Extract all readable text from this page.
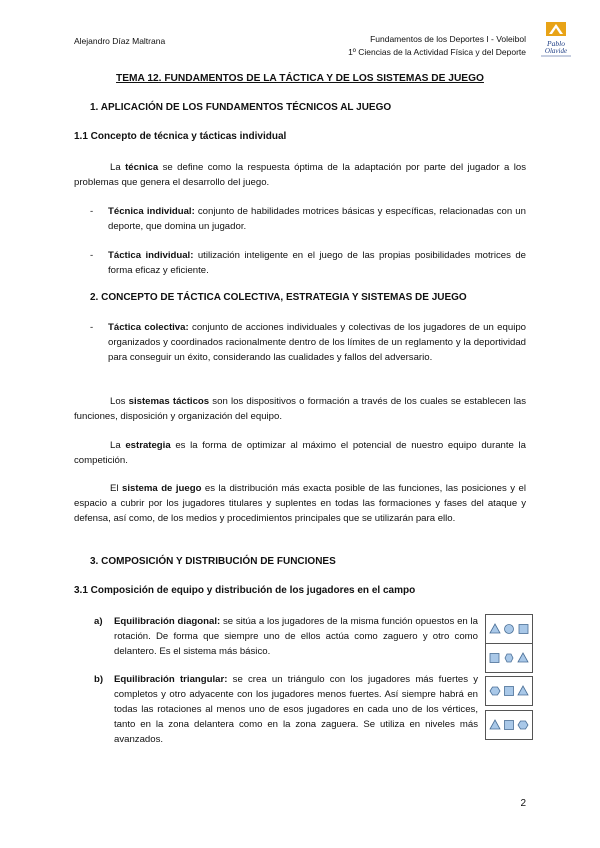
Alejandro Díaz Maltrana	Fundamentos de los Deportes I - Voleibol
1º Ciencias de la Actividad Física y del Deporte
Pablo
Olavide
TEMA 12. FUNDAMENTOS DE LA TÁCTICA Y DE LOS SISTEMAS DE JUEGO
1. APLICACIÓN DE LOS FUNDAMENTOS TÉCNICOS AL JUEGO
1.1 Concepto de técnica y tácticas individual

La técnica se define como la respuesta óptima de la adaptación por parte del jugador a los problemas que genera el desarrollo del juego.

- Técnica individual: conjunto de habilidades motrices básicas y específicas, relacionadas con un deporte, que domina un jugador.
- Táctica individual: utilización inteligente en el juego de las propias posibilidades motrices de forma eficaz y eficiente.
2. CONCEPTO DE TÁCTICA COLECTIVA, ESTRATEGIA Y SISTEMAS DE JUEGO
- Táctica colectiva: conjunto de acciones individuales y colectivas de los jugadores de un equipo organizados y coordinados racionalmente dentro de los límites de un reglamento y la deportividad para conseguir un éxito, considerando las cualidades y fallos del adversario.

Los sistemas tácticos son los dispositivos o formación a través de los cuales se establecen las funciones, disposición y organización del equipo.

La estrategia es la forma de optimizar al máximo el potencial de nuestro equipo durante la competición.

El sistema de juego es la distribución más exacta posible de las funciones, las posiciones y el espacio a cubrir por los jugadores titulares y suplentes en todas las formaciones y fases del ataque y defensa, así como, de los medios y procedimientos principales que se utilizarán para ello.

3. COMPOSICIÓN Y DISTRIBUCIÓN DE FUNCIONES
3.1 Composición de equipo y distribución de los jugadores en el campo
a) Equilibración diagonal: se sitúa a los jugadores de la misma función opuestos en la rotación. De forma que siempre uno de ellos actúa como zaguero y otro como delantero. Es el sistema más básico.
b) Equilibración triangular: se crea un triángulo con los jugadores más fuertes y completos y otro adyacente con los jugadores menos fuertes. Así siempre habrá en todas las rotaciones al menos uno de esos jugadores en cada uno de los vértices, tanto en la zona delantera como en la zona zaguera. Se utiliza en niveles más avanzados.
2
